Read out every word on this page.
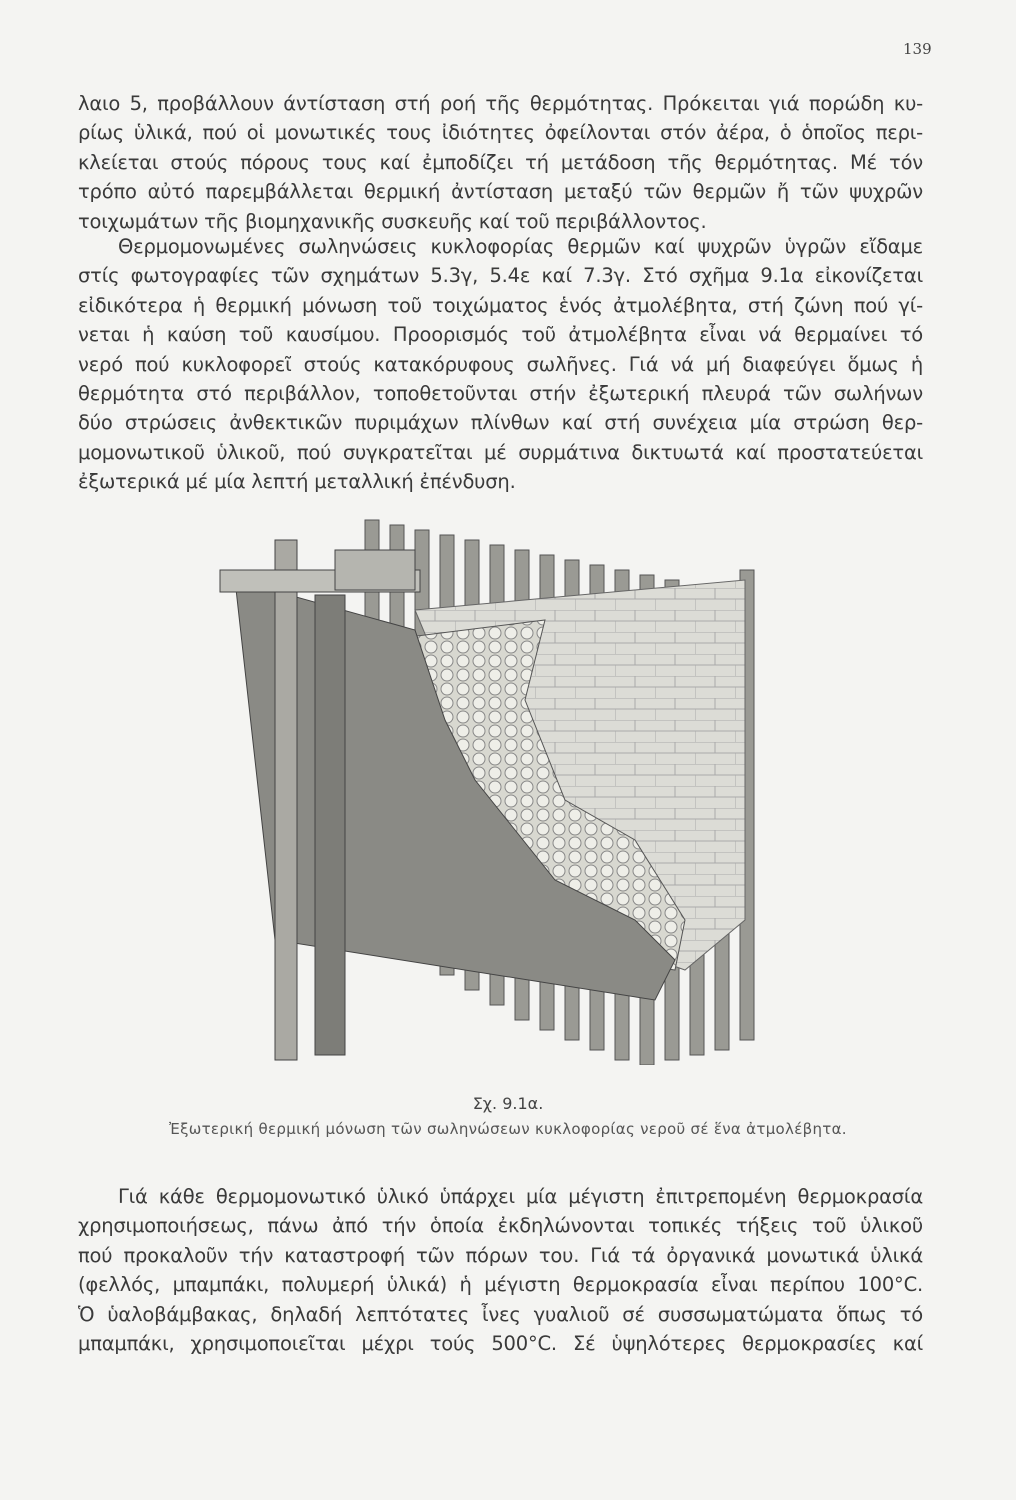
139
λαιο 5, προβάλλουν άντίσταση στή ροή τῆς θερμότητας. Πρόκειται γιά πορώδη κυ-
ρίως ὑλικά, πού οἱ μονωτικές τους ἰδιότητες ὀφείλονται στόν ἀέρα, ὁ ὁποῖος περι-
κλείεται στούς πόρους τους καί ἐμποδίζει τή μετάδοση τῆς θερμότητας. Μέ τόν
τρόπο αὐτό παρεμβάλλεται θερμική ἀντίσταση μεταξύ τῶν θερμῶν ἤ τῶν ψυχρῶν
τοιχωμάτων τῆς βιομηχανικῆς συσκευῆς καί τοῦ περιβάλλοντος.
Θερμομονωμένες σωληνώσεις κυκλοφορίας θερμῶν καί ψυχρῶν ὑγρῶν εἴδαμε
στίς φωτογραφίες τῶν σχημάτων 5.3γ, 5.4ε καί 7.3γ. Στό σχῆμα 9.1α εἰκονίζεται
εἰδικότερα ἡ θερμική μόνωση τοῦ τοιχώματος ἑνός ἀτμολέβητα, στή ζώνη πού γί-
νεται ἡ καύση τοῦ καυσίμου. Προορισμός τοῦ ἀτμολέβητα εἶναι νά θερμαίνει τό
νερό πού κυκλοφορεῖ στούς κατακόρυφους σωλῆνες. Γιά νά μή διαφεύγει ὅμως ἡ
θερμότητα στό περιβάλλον, τοποθετοῦνται στήν ἐξωτερική πλευρά τῶν σωλήνων
δύο στρώσεις ἀνθεκτικῶν πυριμάχων πλίνθων καί στή συνέχεια μία στρώση θερ-
μομονωτικοῦ ὑλικοῦ, πού συγκρατεῖται μέ συρμάτινα δικτυωτά καί προστατεύεται
ἐξωτερικά μέ μία λεπτή μεταλλική ἐπένδυση.
Σχ. 9.1α.
Ἐξωτερική θερμική μόνωση τῶν σωληνώσεων κυκλοφορίας νεροῦ σέ ἕνα ἀτμολέβητα.
Γιά κάθε θερμομονωτικό ὑλικό ὑπάρχει μία μέγιστη ἐπιτρεπομένη θερμοκρασία
χρησιμοποιήσεως, πάνω ἀπό τήν ὁποία ἐκδηλώνονται τοπικές τήξεις τοῦ ὑλικοῦ
πού προκαλοῦν τήν καταστροφή τῶν πόρων του. Γιά τά ὀργανικά μονωτικά ὑλικά
(φελλός, μπαμπάκι, πολυμερή ὑλικά) ἡ μέγιστη θερμοκρασία εἶναι περίπου 100°C.
Ὁ ὑαλοβάμβακας, δηλαδή λεπτότατες ἶνες γυαλιοῦ σέ συσσωματώματα ὅπως τό
μπαμπάκι, χρησιμοποιεῖται μέχρι τούς 500°C. Σέ ὑψηλότερες θερμοκρασίες καί
